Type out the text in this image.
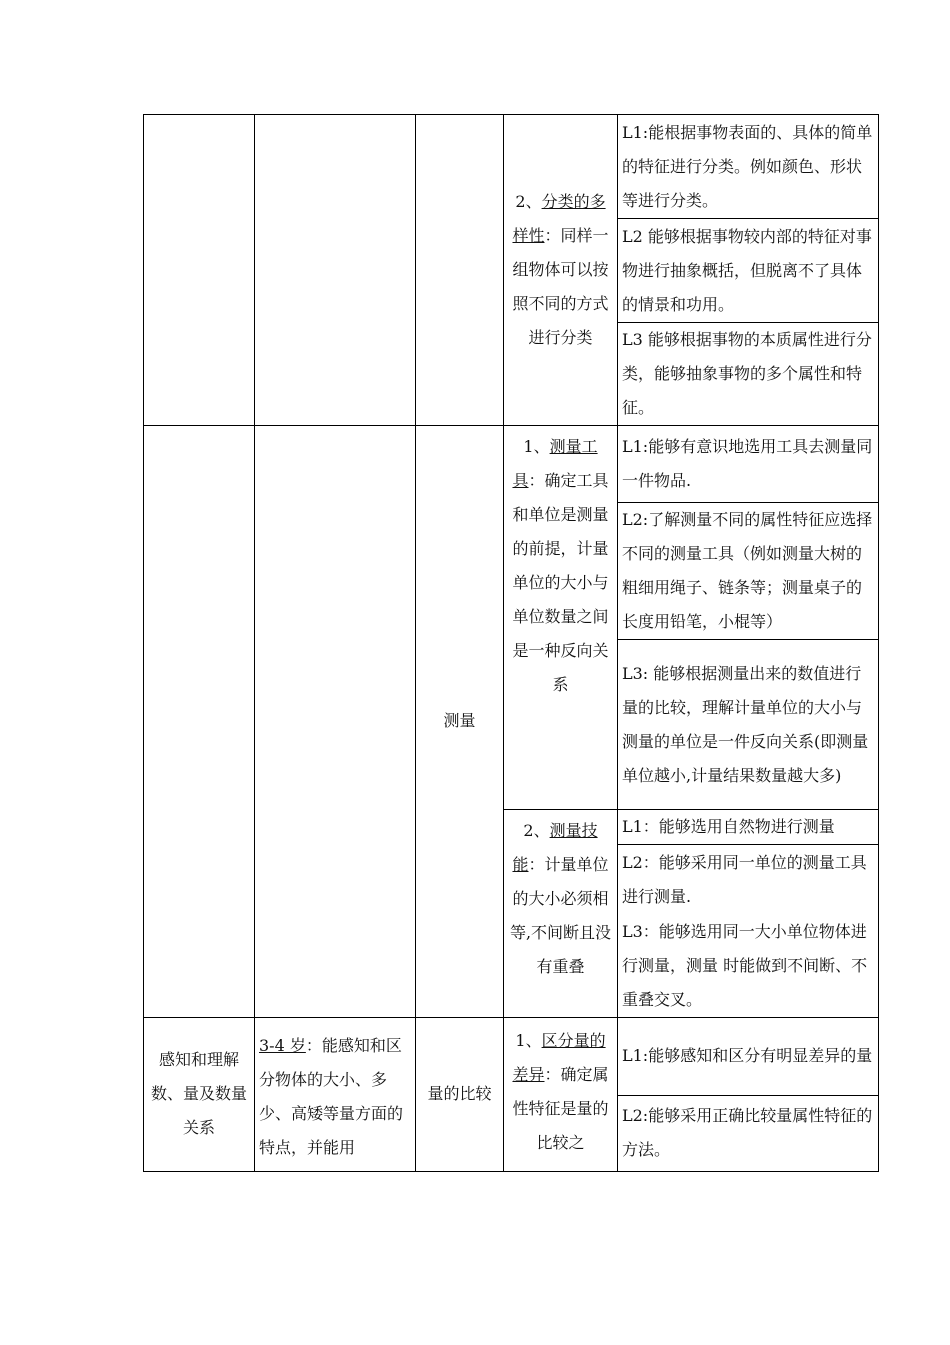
			2、分类的多样性：同样一组物体可以按照不同的方式进行分类	L1:能根据事物表面的、具体的简单的特征进行分类。例如颜色、形状等进行分类。
				L2 能够根据事物较内部的特征对事物进行抽象概括，但脱离不了具体的情景和功用。
				L3 能够根据事物的本质属性进行分类，能够抽象事物的多个属性和特征。
		测量	1、测量工具：确定工具和单位是测量的前提，计量单位的大小与单位数量之间是一种反向关系	L1:能够有意识地选用工具去测量同一件物品.
				L2:了解测量不同的属性特征应选择不同的测量工具（例如测量大树的粗细用绳子、链条等；测量桌子的长度用铅笔，小棍等）
				L3: 能够根据测量出来的数值进行量的比较，理解计量单位的大小与测量的单位是一件反向关系(即测量单位越小,计量结果数量越大多)
			2、测量技能：计量单位的大小必须相等,不间断且没有重叠	L1：能够选用自然物进行测量
				L2：能够采用同一单位的测量工具进行测量.
				L3：能够选用同一大小单位物体进行测量，测量 时能做到不间断、不重叠交叉。
感知和理解数、量及数量关系	3-4 岁：能感知和区分物体的大小、多少、高矮等量方面的特点，并能用	量的比较	1、区分量的差异：确定属性特征是量的比较之	L1:能够感知和区分有明显差异的量
				L2:能够采用正确比较量属性特征的方法。
